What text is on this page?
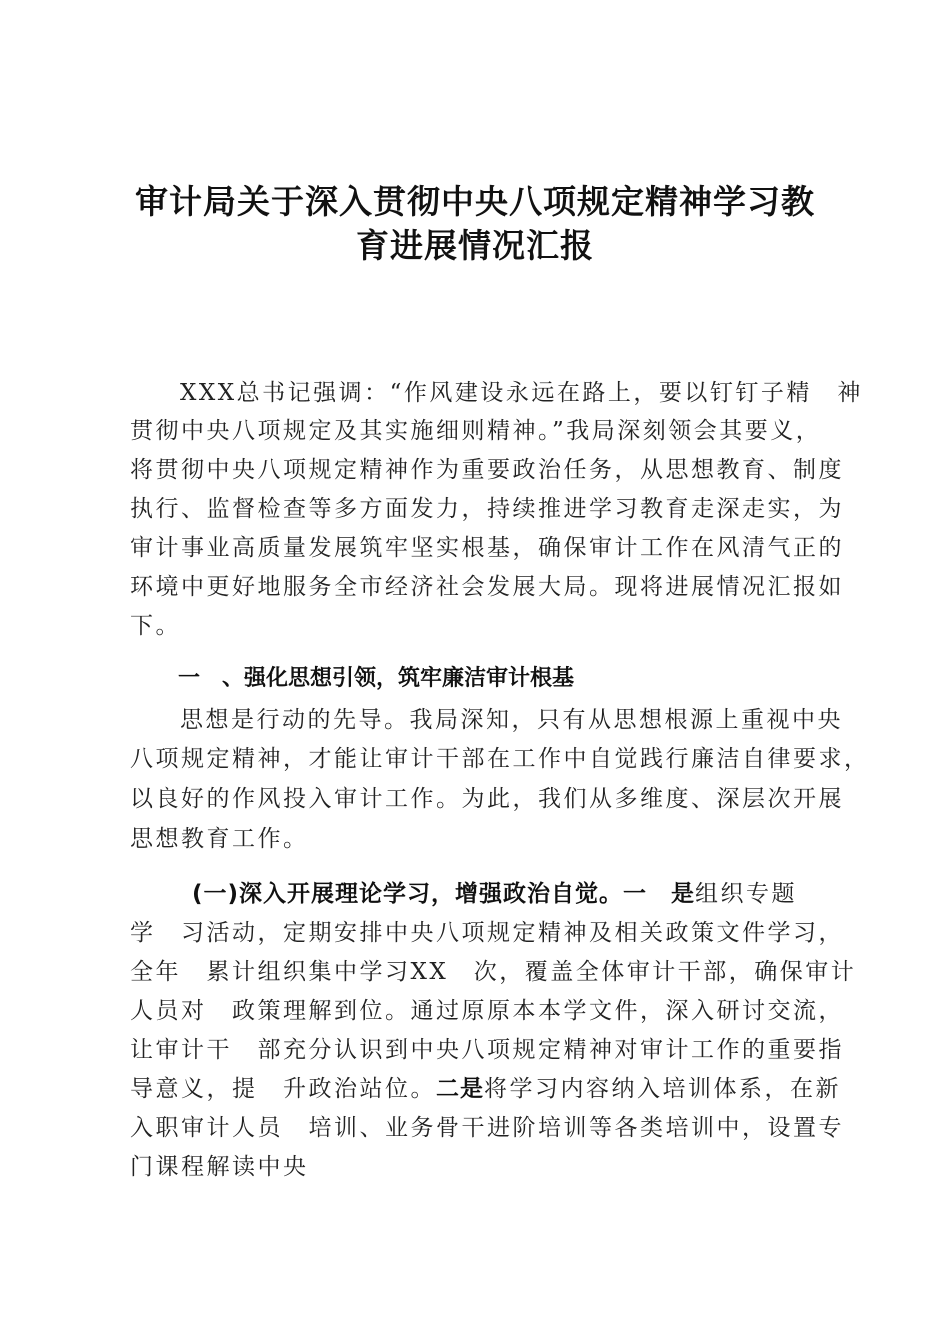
审计局关于深入贯彻中央八项规定精神学习教
育进展情况汇报
XXX总书记强调：“作风建设永远在路上，要以钉钉子精　神
贯彻中央八项规定及其实施细则精神。”我局深刻领会其要义，
将贯彻中央八项规定精神作为重要政治任务，从思想教育、制度
执行、监督检查等多方面发力，持续推进学习教育走深走实，为
审计事业高质量发展筑牢坚实根基，确保审计工作在风清气正的
环境中更好地服务全市经济社会发展大局。现将进展情况汇报如
下。
一　、强化思想引领，筑牢廉洁审计根基
思想是行动的先导。我局深知，只有从思想根源上重视中央
八项规定精神，才能让审计干部在工作中自觉践行廉洁自律要求，
以良好的作风投入审计工作。为此，我们从多维度、深层次开展
思想教育工作。
(一)深入开展理论学习，增强政治自觉。一　是组织专题
学　习活动，定期安排中央八项规定精神及相关政策文件学习，
全年　累计组织集中学习XX　次，覆盖全体审计干部，确保审计
人员对　政策理解到位。通过原原本本学文件，深入研讨交流，
让审计干　部充分认识到中央八项规定精神对审计工作的重要指
导意义，提　升政治站位。二是将学习内容纳入培训体系，在新
入职审计人员　培训、业务骨干进阶培训等各类培训中，设置专
门课程解读中央
